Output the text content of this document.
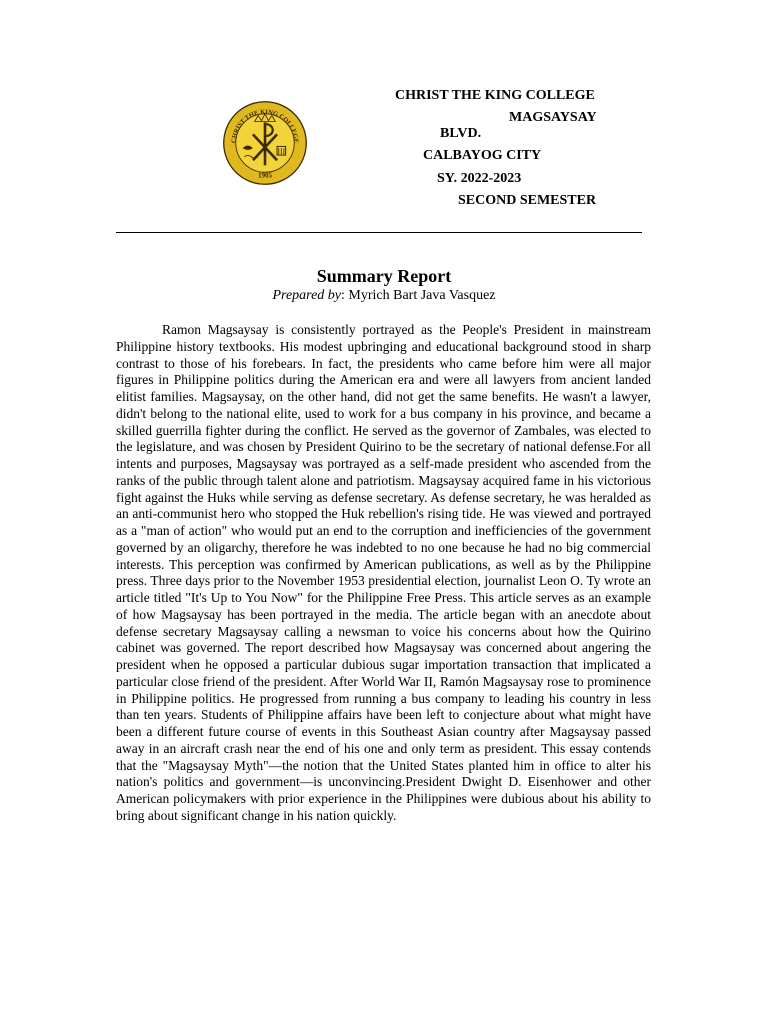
CHRIST THE KING COLLEGE
1905
CHRIST THE KING COLLEGE
MAGSAYSAY
BLVD.
CALBAYOG CITY
SY. 2022-2023
SECOND SEMESTER
Summary Report
Prepared by: Myrich Bart Java Vasquez

Ramon Magsaysay is consistently portrayed as the People's President in mainstream Philippine history textbooks. His modest upbringing and educational background stood in sharp contrast to those of his forebears. In fact, the presidents who came before him were all major figures in Philippine politics during the American era and were all lawyers from ancient landed elitist families. Magsaysay, on the other hand, did not get the same benefits. He wasn't a lawyer, didn't belong to the national elite, used to work for a bus company in his province, and became a skilled guerrilla fighter during the conflict. He served as the governor of Zambales, was elected to the legislature, and was chosen by President Quirino to be the secretary of national defense.For all intents and purposes, Magsaysay was portrayed as a self-made president who ascended from the ranks of the public through talent alone and patriotism. Magsaysay acquired fame in his victorious fight against the Huks while serving as defense secretary. As defense secretary, he was heralded as an anti-communist hero who stopped the Huk rebellion's rising tide. He was viewed and portrayed as a "man of action" who would put an end to the corruption and inefficiencies of the government governed by an oligarchy, therefore he was indebted to no one because he had no big commercial interests. This perception was confirmed by American publications, as well as by the Philippine press. Three days prior to the November 1953 presidential election, journalist Leon O. Ty wrote an article titled "It's Up to You Now" for the Philippine Free Press. This article serves as an example of how Magsaysay has been portrayed in the media. The article began with an anecdote about defense secretary Magsaysay calling a newsman to voice his concerns about how the Quirino cabinet was governed. The report described how Magsaysay was concerned about angering the president when he opposed a particular dubious sugar importation transaction that implicated a particular close friend of the president. After World War II, Ramón Magsaysay rose to prominence in Philippine politics. He progressed from running a bus company to leading his country in less than ten years. Students of Philippine affairs have been left to conjecture about what might have been a different future course of events in this Southeast Asian country after Magsaysay passed away in an aircraft crash near the end of his one and only term as president. This essay contends that the "Magsaysay Myth"—the notion that the United States planted him in office to alter his nation's politics and government—is unconvincing.President Dwight D. Eisenhower and other American policymakers with prior experience in the Philippines were dubious about his ability to bring about significant change in his nation quickly.
